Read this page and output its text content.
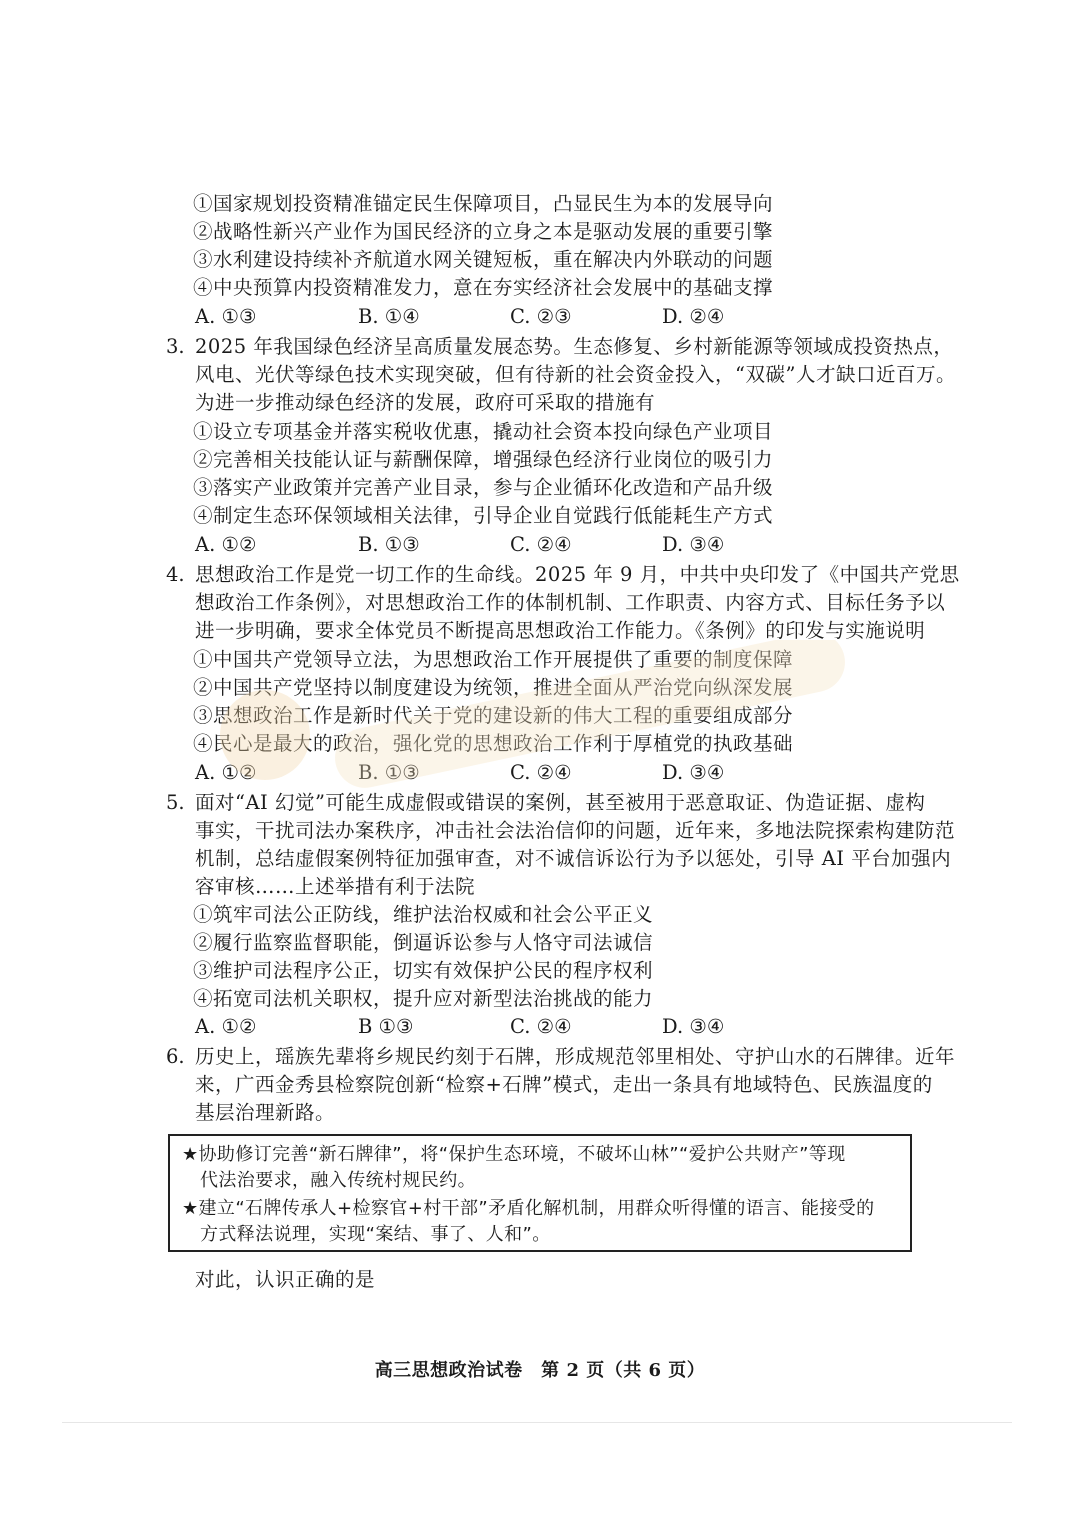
①国家规划投资精准锚定民生保障项目，凸显民生为本的发展导向
②战略性新兴产业作为国民经济的立身之本是驱动发展的重要引擎
③水利建设持续补齐航道水网关键短板，重在解决内外联动的问题
④中央预算内投资精准发力，意在夯实经济社会发展中的基础支撑
A. ①③	B. ①④	C. ②③	D. ②④
3. 2025 年我国绿色经济呈高质量发展态势。生态修复、乡村新能源等领域成投资热点，
风电、光伏等绿色技术实现突破，但有待新的社会资金投入，“双碳”人才缺口近百万。
为进一步推动绿色经济的发展，政府可采取的措施有
①设立专项基金并落实税收优惠，撬动社会资本投向绿色产业项目
②完善相关技能认证与薪酬保障，增强绿色经济行业岗位的吸引力
③落实产业政策并完善产业目录，参与企业循环化改造和产品升级
④制定生态环保领域相关法律，引导企业自觉践行低能耗生产方式
A. ①②	B. ①③	C. ②④	D. ③④
4. 思想政治工作是党一切工作的生命线。2025 年 9 月，中共中央印发了《中国共产党思
想政治工作条例》，对思想政治工作的体制机制、工作职责、内容方式、目标任务予以
进一步明确，要求全体党员不断提高思想政治工作能力。《条例》的印发与实施说明
①中国共产党领导立法，为思想政治工作开展提供了重要的制度保障
②中国共产党坚持以制度建设为统领，推进全面从严治党向纵深发展
③思想政治工作是新时代关于党的建设新的伟大工程的重要组成部分
④民心是最大的政治，强化党的思想政治工作利于厚植党的执政基础
A. ①②	B. ①③	C. ②④	D. ③④
5. 面对“AI 幻觉”可能生成虚假或错误的案例，甚至被用于恶意取证、伪造证据、虚构
事实，干扰司法办案秩序，冲击社会法治信仰的问题，近年来，多地法院探索构建防范
机制，总结虚假案例特征加强审查，对不诚信诉讼行为予以惩处，引导 AI 平台加强内
容审核……上述举措有利于法院
①筑牢司法公正防线，维护法治权威和社会公平正义
②履行监察监督职能，倒逼诉讼参与人恪守司法诚信
③维护司法程序公正，切实有效保护公民的程序权利
④拓宽司法机关职权，提升应对新型法治挑战的能力
A. ①②	B ①③	C. ②④	D. ③④
6. 历史上，瑶族先辈将乡规民约刻于石牌，形成规范邻里相处、守护山水的石牌律。近年
来，广西金秀县检察院创新“检察+石牌”模式，走出一条具有地域特色、民族温度的
基层治理新路。
★协助修订完善“新石牌律”，将“保护生态环境，不破坏山林”“爱护公共财产”等现
代法治要求，融入传统村规民约。
★建立“石牌传承人+检察官+村干部”矛盾化解机制，用群众听得懂的语言、能接受的
方式释法说理，实现“案结、事了、人和”。
对此，认识正确的是
高三思想政治试卷　第 2 页（共 6 页）
